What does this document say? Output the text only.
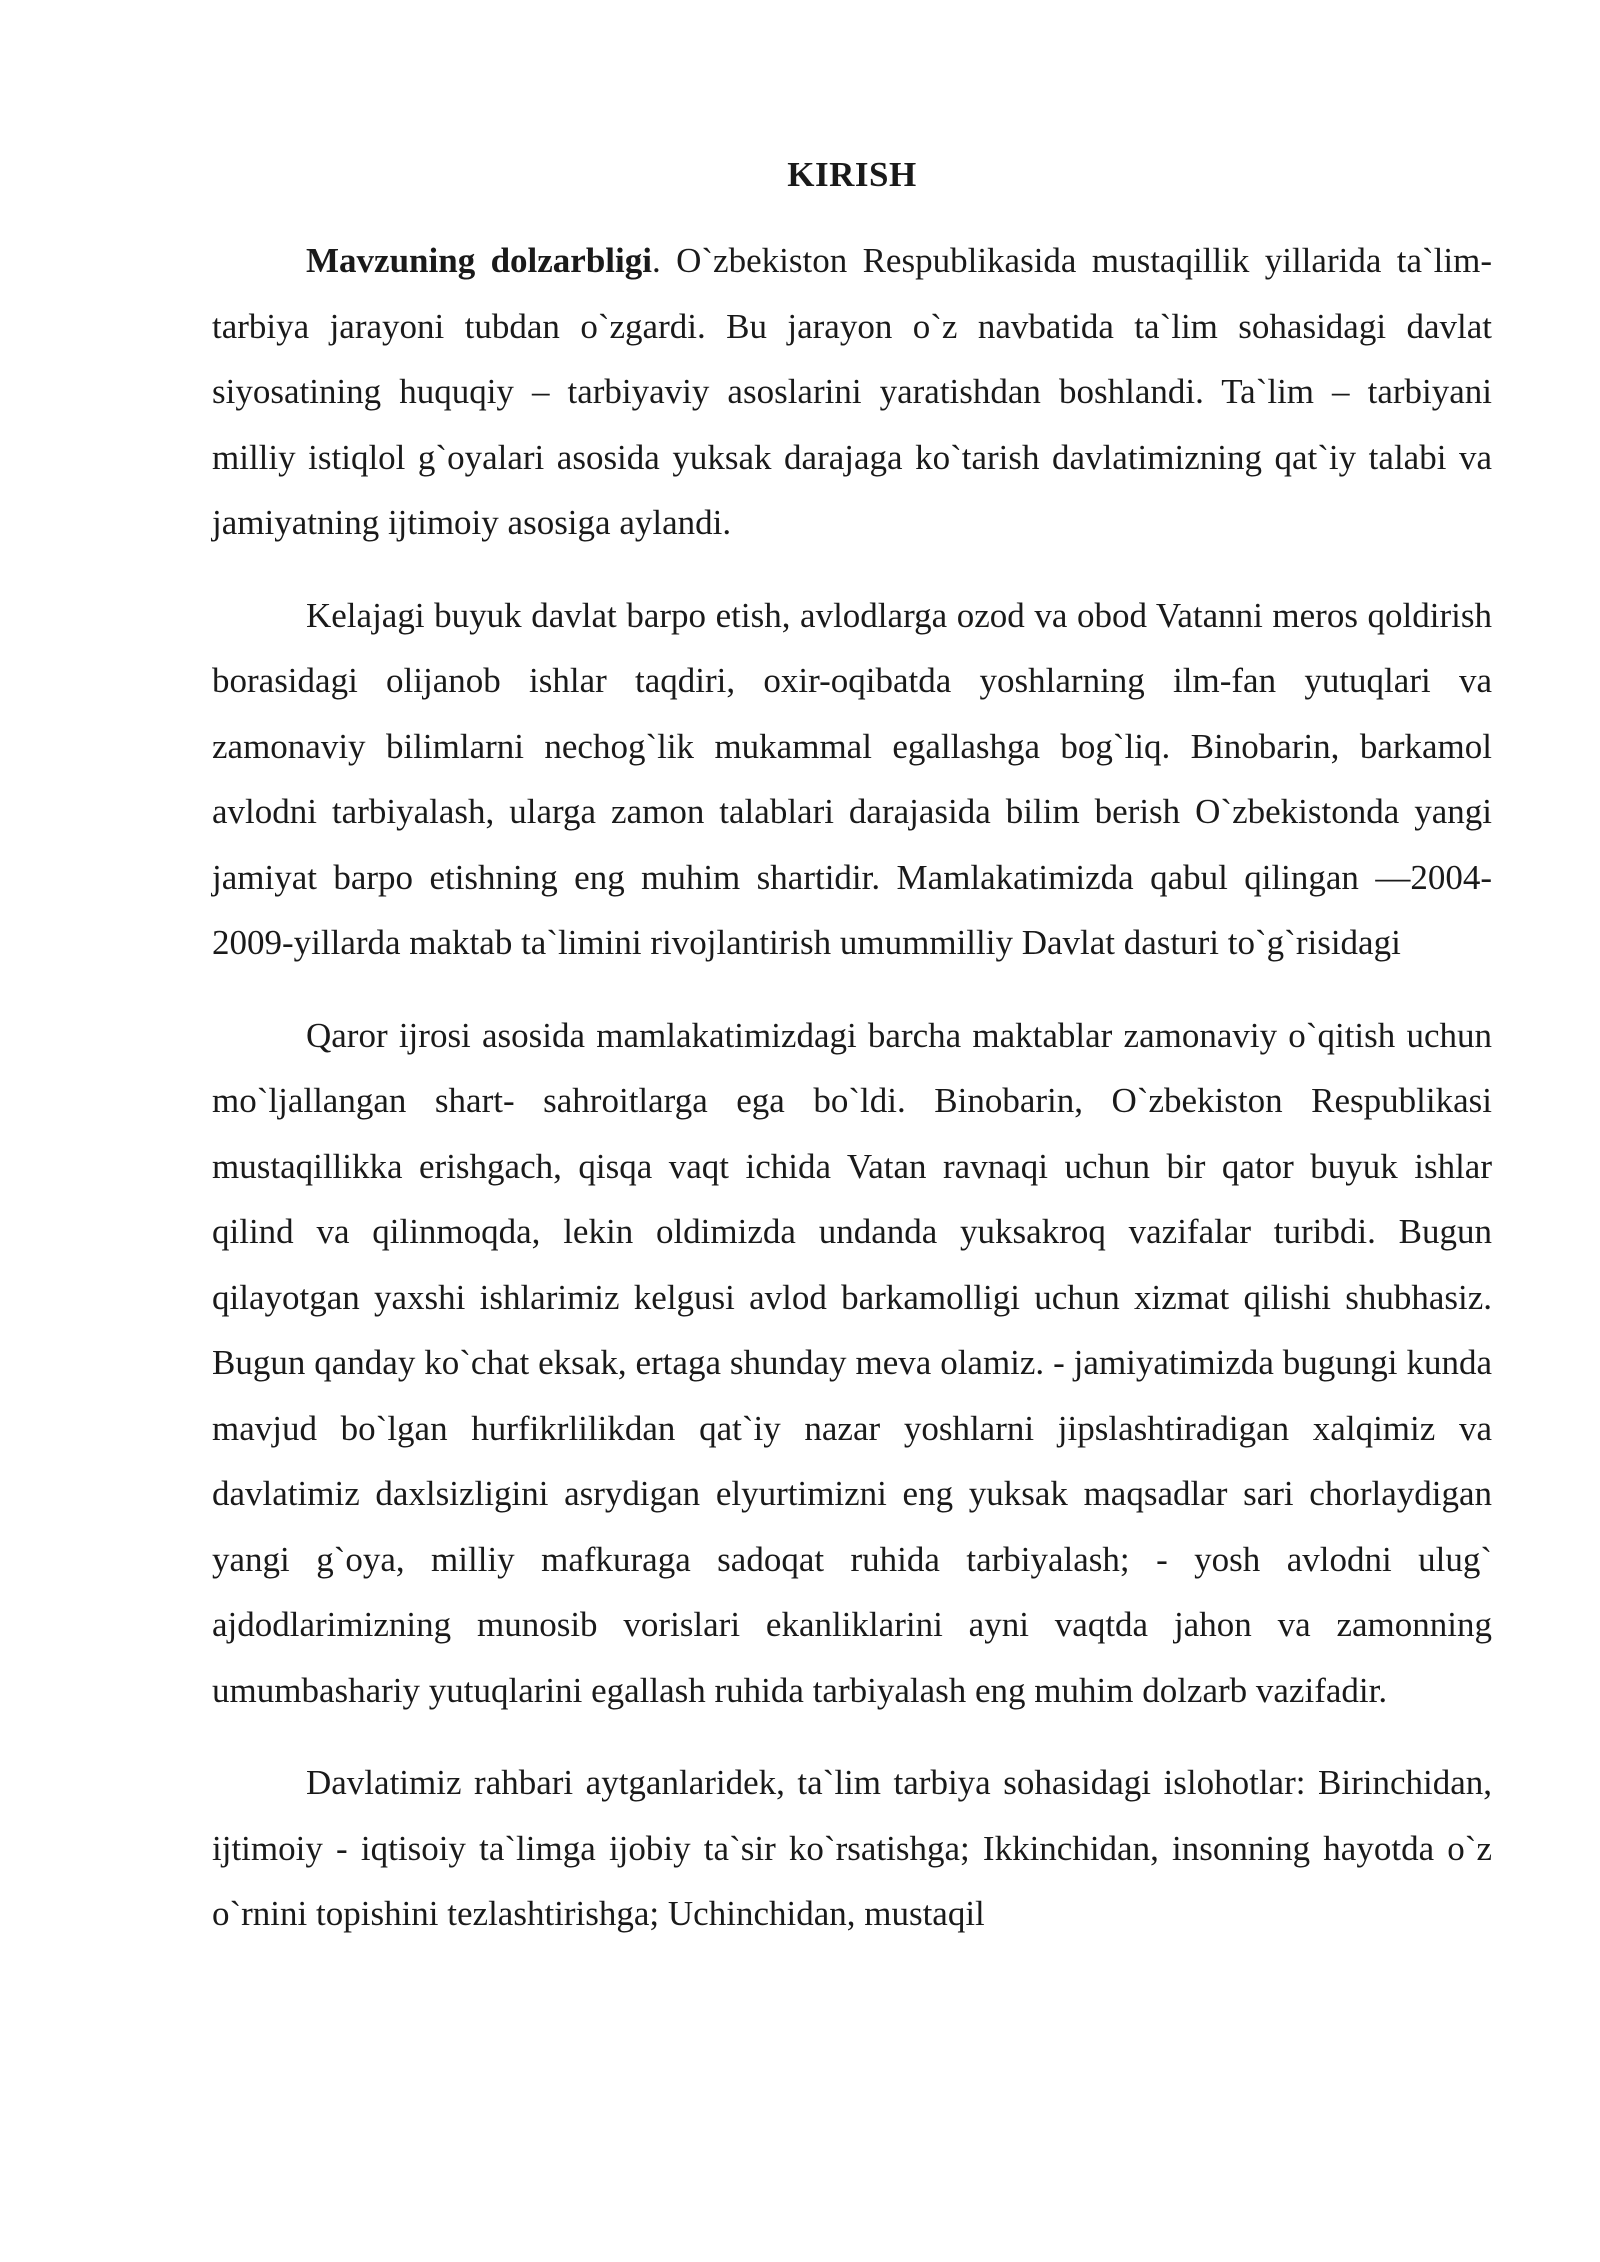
KIRISH

Mavzuning dolzarbligi. O`zbekiston Respublikasida mustaqillik yillarida ta`lim-tarbiya jarayoni tubdan o`zgardi. Bu jarayon o`z navbatida ta`lim sohasidagi davlat siyosatining huquqiy – tarbiyaviy asoslarini yaratishdan boshlandi. Ta`lim – tarbiyani milliy istiqlol g`oyalari asosida yuksak darajaga ko`tarish davlatimizning qat`iy talabi va jamiyatning ijtimoiy asosiga aylandi.

Kelajagi buyuk davlat barpo etish, avlodlarga ozod va obod Vatanni meros qoldirish borasidagi olijanob ishlar taqdiri, oxir-oqibatda yoshlarning ilm-fan yutuqlari va zamonaviy bilimlarni nechog`lik mukammal egallashga bog`liq. Binobarin, barkamol avlodni tarbiyalash, ularga zamon talablari darajasida bilim berish O`zbekistonda yangi jamiyat barpo etishning eng muhim shartidir. Mamlakatimizda qabul qilingan —2004-2009-yillarda maktab ta`limini rivojlantirish umummilliy Davlat dasturi to`g`risidagi

Qaror ijrosi asosida mamlakatimizdagi barcha maktablar zamonaviy o`qitish uchun mo`ljallangan shart- sahroitlarga ega bo`ldi. Binobarin, O`zbekiston Respublikasi mustaqillikka erishgach, qisqa vaqt ichida Vatan ravnaqi uchun bir qator buyuk ishlar qilind va qilinmoqda, lekin oldimizda undanda yuksakroq vazifalar turibdi. Bugun qilayotgan yaxshi ishlarimiz kelgusi avlod barkamolligi uchun xizmat qilishi shubhasiz. Bugun qanday ko`chat eksak, ertaga shunday meva olamiz. - jamiyatimizda bugungi kunda mavjud bo`lgan hurfikrlilikdan qat`iy nazar yoshlarni jipslashtiradigan xalqimiz va davlatimiz daxlsizligini asrydigan elyurtimizni eng yuksak maqsadlar sari chorlaydigan yangi g`oya, milliy mafkuraga sadoqat ruhida tarbiyalash; - yosh avlodni ulug` ajdodlarimizning munosib vorislari ekanliklarini ayni vaqtda jahon va zamonning umumbashariy yutuqlarini egallash ruhida tarbiyalash eng muhim dolzarb vazifadir.

Davlatimiz rahbari aytganlaridek, ta`lim tarbiya sohasidagi islohotlar: Birinchidan, ijtimoiy - iqtisoiy ta`limga ijobiy ta`sir ko`rsatishga; Ikkinchidan, insonning hayotda o`z o`rnini topishini tezlashtirishga; Uchinchidan, mustaqil
